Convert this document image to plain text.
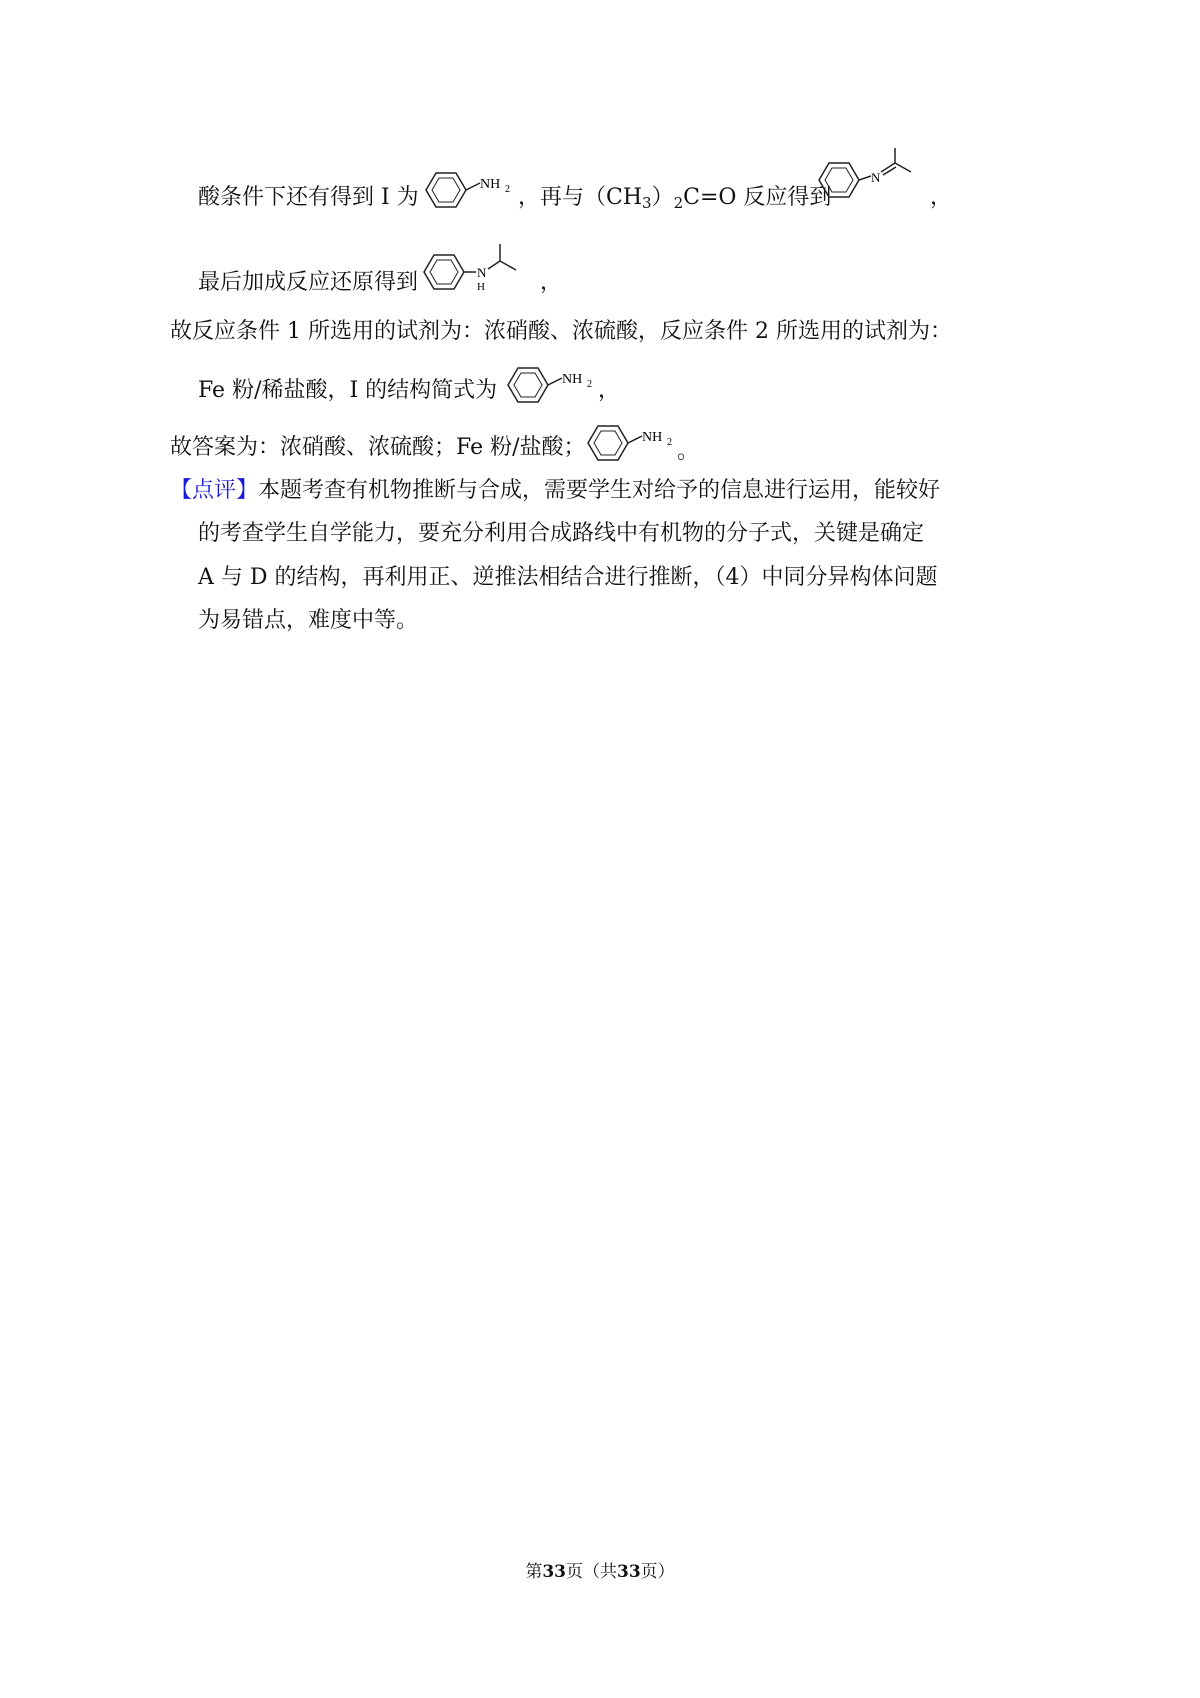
酸条件下还有得到 I 为
NH 2 ，再与$(CH_3)_2C=O$ 反应得到
N
，
最后加成反应还原得到	N
H	，
故反应条件 1 所选用的试剂为：浓硝酸、浓硫酸，反应条件 2 所选用的试剂为：
Fe 粉/稀盐酸，I 的结构简式为	NH 2 ，
故答案为：浓硝酸、浓硫酸；Fe 粉/盐酸；	NH 2 。
【点评】本题考查有机物推断与合成，需要学生对给予的信息进行运用，能较好
的考查学生自学能力，要充分利用合成路线中有机物的分子式，关键是确定
A 与 D 的结构，再利用正、逆推法相结合进行推断，（4）中同分异构体问题
为易错点，难度中等。
第33页（共33页）
